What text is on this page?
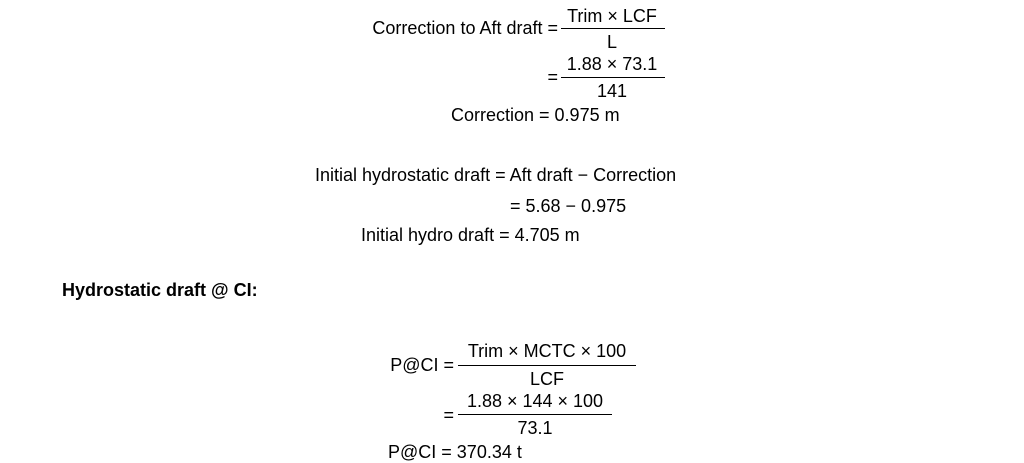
Correction to Aft draft =
Trim × LCF
L
=
1.88 × 73.1
141
Correction = 0.975 m
Initial hydrostatic draft = Aft draft − Correction
= 5.68 − 0.975
Initial hydro draft = 4.705 m
Hydrostatic draft @ CI:
P@CI =
Trim × MCTC × 100
LCF
=
1.88 × 144 × 100
73.1
P@CI = 370.34 t
